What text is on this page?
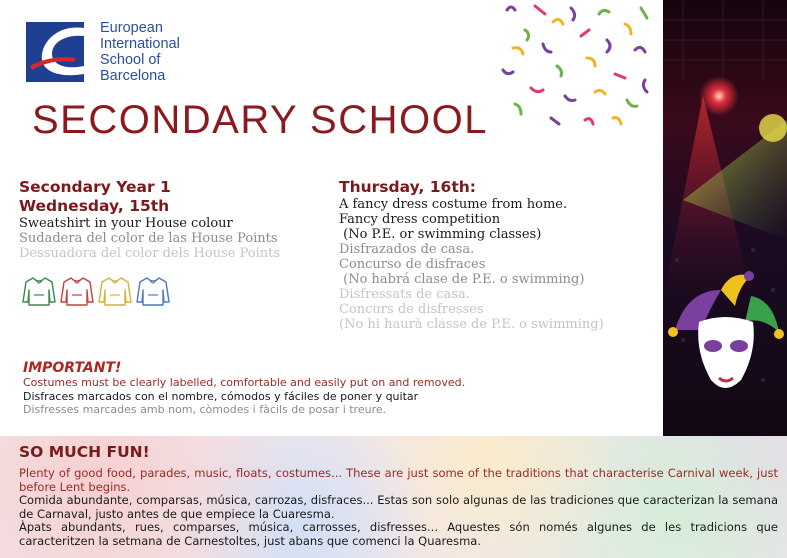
European
International
School of
Barcelona
SECONDARY SCHOOL
Secondary Year 1
Wednesday, 15th
Sweatshirt in your House colour
Sudadera del color de las House Points
Dessuadora del color dels House Points
Thursday, 16th:
A fancy dress costume from home.
Fancy dress competition
(No P.E. or swimming classes)
Disfrazados de casa.
Concurso de disfraces
(No habrá clase de P.E. o swimming)
Disfressats de casa.
Concurs de disfresses
(No hi haurà classe de P.E. o swimming)
IMPORTANT!
Costumes must be clearly labelled, comfortable and easily put on and removed.
Disfraces marcados con el nombre, cómodos y fáciles de poner y quitar
Disfresses marcades amb nom, còmodes i fàcils de posar i treure.
SO MUCH FUN!

Plenty of good food, parades, music, floats, costumes... These are just some of the traditions that characterise Carnival week, just before Lent begins.

Comida abundante, comparsas, música, carrozas, disfraces... Estas son solo algunas de las tradiciones que caracterizan la semana de Carnaval, justo antes de que empiece la Cuaresma.

Àpats abundants, rues, comparses, música, carrosses, disfresses... Aquestes són només algunes de les tradicions que caracteritzen la setmana de Carnestoltes, just abans que comenci la Quaresma.
